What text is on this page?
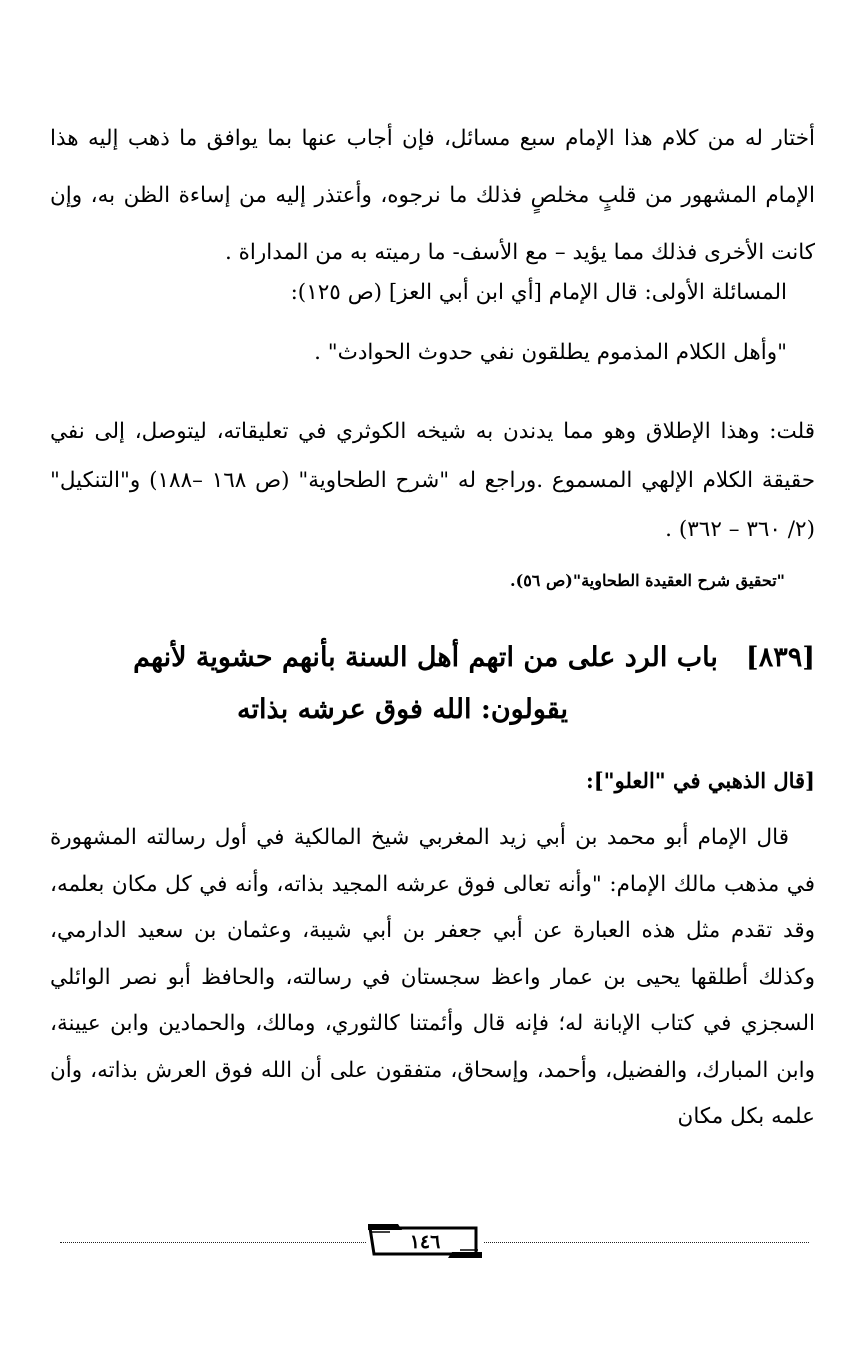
أختار له من كلام هذا الإمام سبع مسائل، فإن أجاب عنها بما يوافق ما ذهب إليه هذا الإمام المشهور من قلبٍ مخلصٍ فذلك ما نرجوه، وأعتذر إليه من إساءة الظن به، وإن كانت الأخرى فذلك مما يؤيد – مع الأسف- ما رميته به من المداراة .
المسائلة الأولى: قال الإمام [أي ابن أبي العز] (ص ١٢٥):
"وأهل الكلام المذموم يطلقون نفي حدوث الحوادث" .
قلت: وهذا الإطلاق وهو مما يدندن به شيخه الكوثري في تعليقاته، ليتوصل، إلى نفي حقيقة الكلام الإلهي المسموع .وراجع له "شرح الطحاوية" (ص ١٦٨ –١٨٨) و"التنكيل" (٢/ ٣٦٠ – ٣٦٢) .
"تحقيق شرح العقيدة الطحاوية"(ص ٥٦).
[٨٣٩]باب الرد على من اتهم أهل السنة بأنهم حشوية لأنهم
يقولون: الله فوق عرشه بذاته
[قال الذهبي في "العلو"]:
قال الإمام أبو محمد بن أبي زيد المغربي شيخ المالكية في أول رسالته المشهورة في مذهب مالك الإمام: "وأنه تعالى فوق عرشه المجيد بذاته، وأنه في كل مكان بعلمه، وقد تقدم مثل هذه العبارة عن أبي جعفر بن أبي شيبة، وعثمان بن سعيد الدارمي، وكذلك أطلقها يحيى بن عمار واعظ سجستان في رسالته، والحافظ أبو نصر الوائلي السجزي في كتاب الإبانة له؛ فإنه قال وأئمتنا كالثوري، ومالك، والحمادين وابن عيينة، وابن المبارك، والفضيل، وأحمد، وإسحاق، متفقون على أن الله فوق العرش بذاته، وأن علمه بكل مكان
١٤٦
